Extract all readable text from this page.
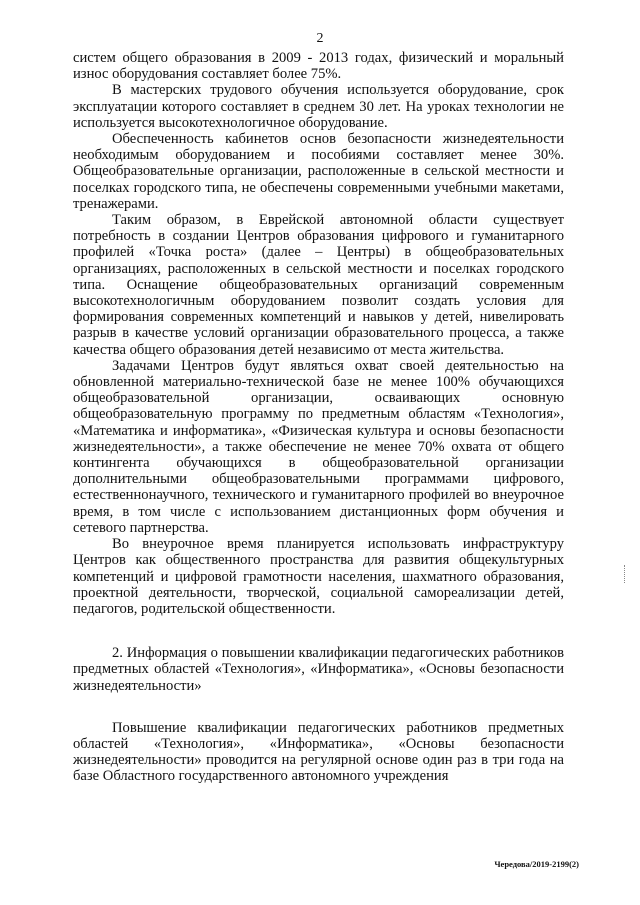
2

систем общего образования в 2009 - 2013 годах, физический и моральный износ оборудования составляет более 75%.

В мастерских трудового обучения используется оборудование, срок эксплуатации которого составляет в среднем 30 лет. На уроках технологии не используется высокотехнологичное оборудование.

Обеспеченность кабинетов основ безопасности жизнедеятельности необходимым оборудованием и пособиями составляет менее 30%. Общеобразовательные организации, расположенные в сельской местности и поселках городского типа, не обеспечены современными учебными макетами, тренажерами.

Таким образом, в Еврейской автономной области существует потребность в создании Центров образования цифрового и гуманитарного профилей «Точка роста» (далее – Центры) в общеобразовательных организациях, расположенных в сельской местности и поселках городского типа. Оснащение общеобразовательных организаций современным высокотехнологичным оборудованием позволит создать условия для формирования современных компетенций и навыков у детей, нивелировать разрыв в качестве условий организации образовательного процесса, а также качества общего образования детей независимо от места жительства.

Задачами Центров будут являться охват своей деятельностью на обновленной материально-технической базе не менее 100% обучающихся общеобразовательной организации, осваивающих основную общеобразовательную программу по предметным областям «Технология», «Математика и информатика», «Физическая культура и основы безопасности жизнедеятельности», а также обеспечение не менее 70% охвата от общего контингента обучающихся в общеобразовательной организации дополнительными общеобразовательными программами цифрового, естественнонаучного, технического и гуманитарного профилей во внеурочное время, в том числе с использованием дистанционных форм обучения и сетевого партнерства.

Во внеурочное время планируется использовать инфраструктуру Центров как общественного пространства для развития общекультурных компетенций и цифровой грамотности населения, шахматного образования, проектной деятельности, творческой, социальной самореализации детей, педагогов, родительской общественности.

2. Информация о повышении квалификации педагогических работников предметных областей «Технология», «Информатика», «Основы безопасности жизнедеятельности»

Повышение квалификации педагогических работников предметных областей «Технология», «Информатика», «Основы безопасности жизнедеятельности» проводится на регулярной основе один раз в три года на базе Областного государственного автономного учреждения

Чередова/2019-2199(2)
